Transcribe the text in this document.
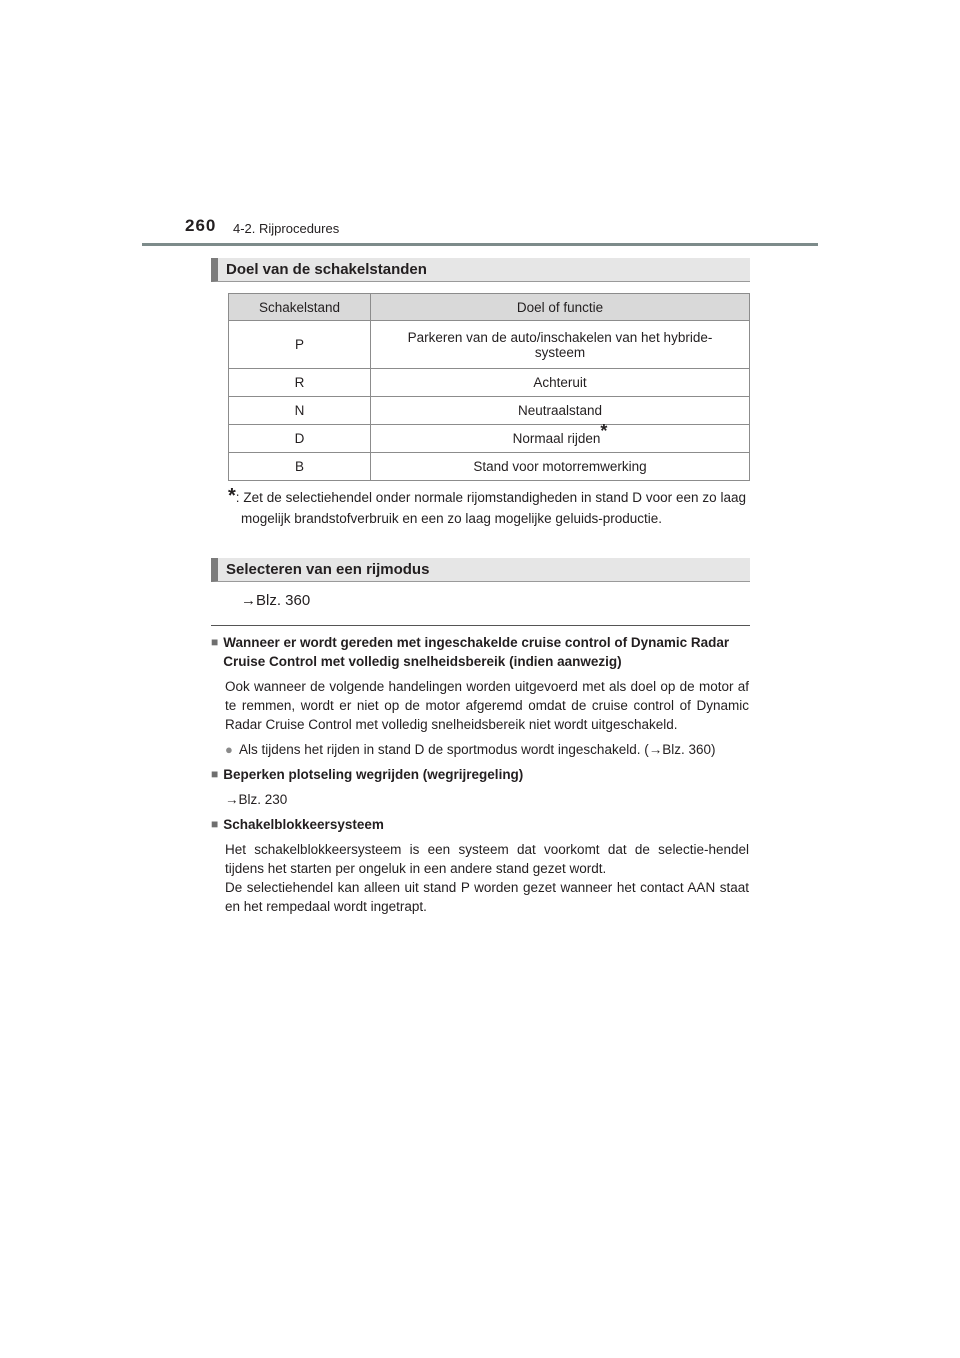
260 4-2. Rijprocedures
Doel van de schakelstanden
Schakelstand	Doel of functie
P	Parkeren van de auto/inschakelen van het hybride-
systeem
R	Achteruit
N	Neutraalstand
D	Normaal rijden*
B	Stand voor motorremwerking
*: Zet de selectiehendel onder normale rijomstandigheden in stand D voor een zo laag mogelijk brandstofverbruik en een zo laag mogelijke geluids-productie.
Selecteren van een rijmodus
→Blz. 360
■ Wanneer er wordt gereden met ingeschakelde cruise control of Dynamic Radar Cruise Control met volledig snelheidsbereik (indien aanwezig)
Ook wanneer de volgende handelingen worden uitgevoerd met als doel op de motor af te remmen, wordt er niet op de motor afgeremd omdat de cruise control of Dynamic Radar Cruise Control met volledig snelheidsbereik niet wordt uitgeschakeld.
● Als tijdens het rijden in stand D de sportmodus wordt ingeschakeld. (→Blz. 360)
■ Beperken plotseling wegrijden (wegrijregeling)
→Blz. 230
■ Schakelblokkeersysteem
Het schakelblokkeersysteem is een systeem dat voorkomt dat de selectie-hendel tijdens het starten per ongeluk in een andere stand gezet wordt.
De selectiehendel kan alleen uit stand P worden gezet wanneer het contact AAN staat en het rempedaal wordt ingetrapt.
